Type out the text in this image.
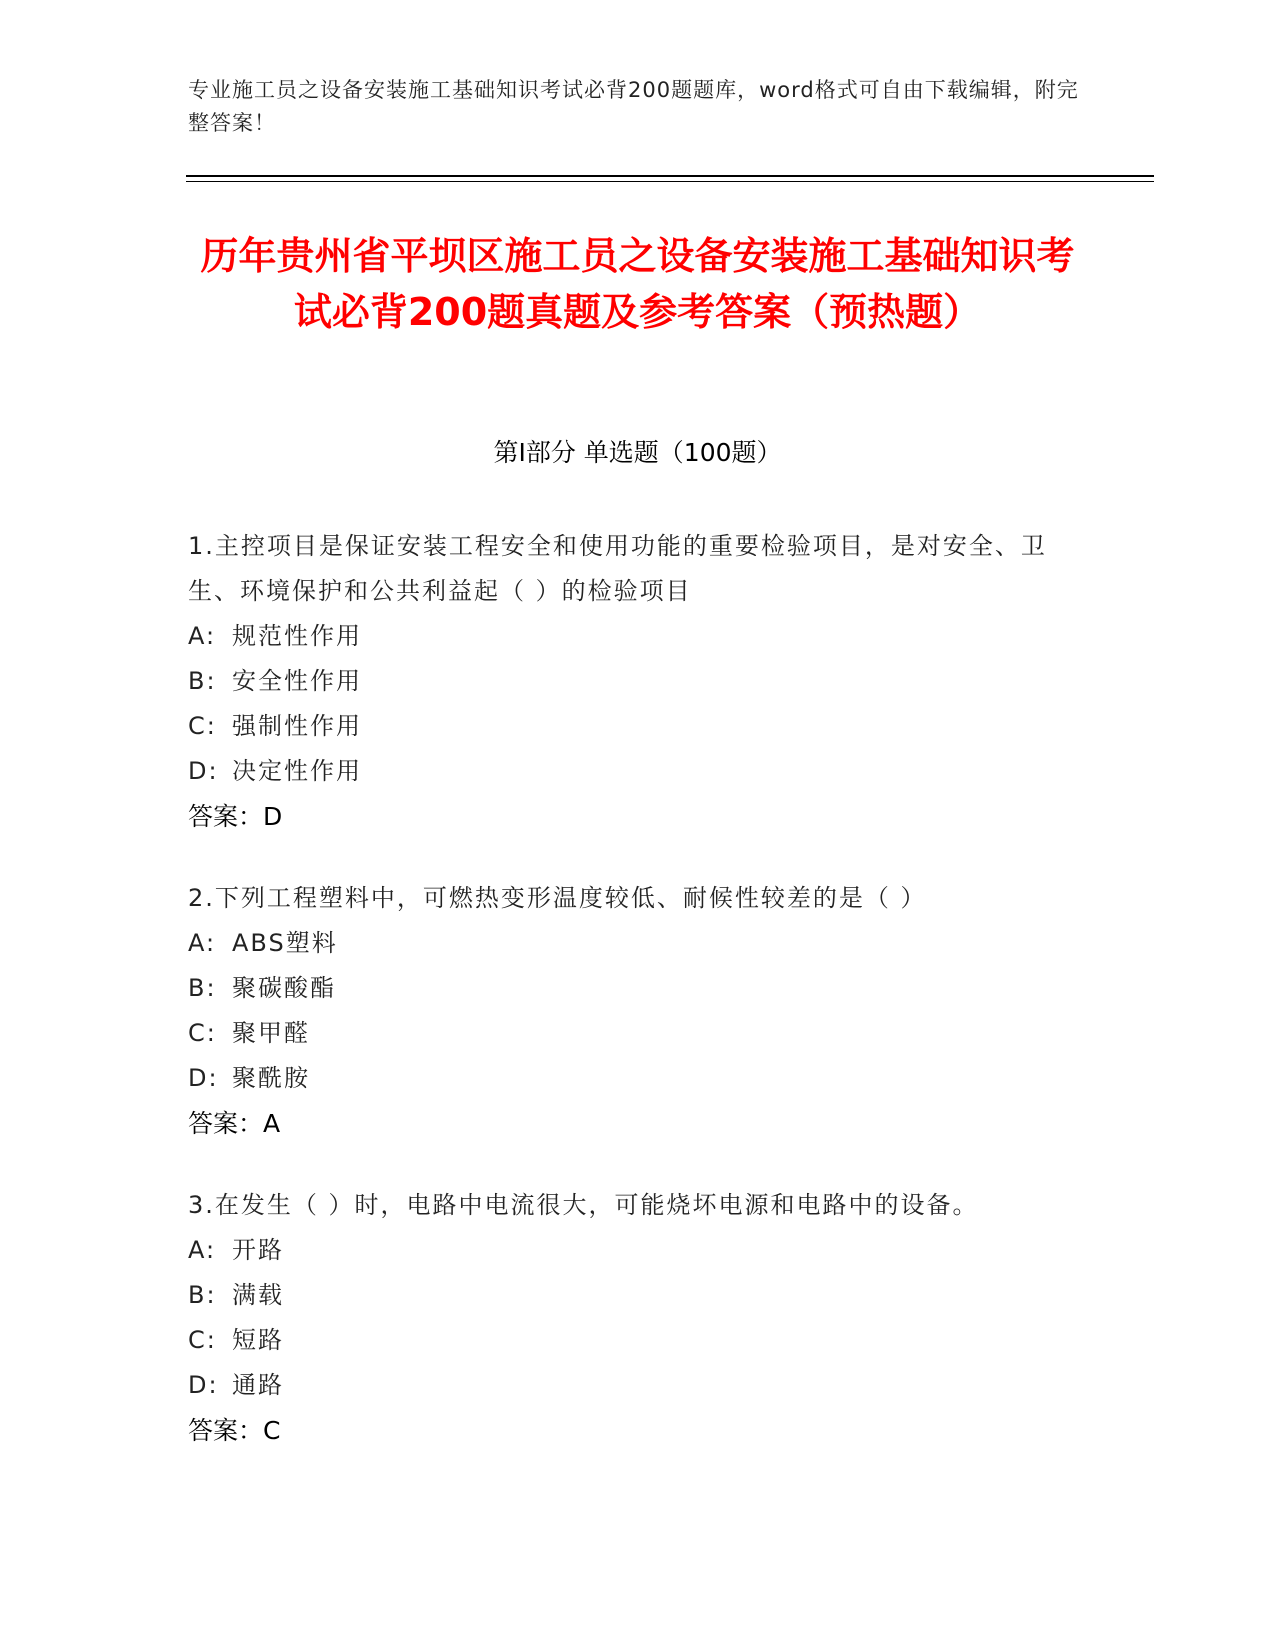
专业施工员之设备安装施工基础知识考试必背200题题库，word格式可自由下载编辑，附完整答案！
历年贵州省平坝区施工员之设备安装施工基础知识考试必背200题真题及参考答案（预热题）
第I部分 单选题（100题）
1.主控项目是保证安装工程安全和使用功能的重要检验项目，是对安全、卫生、环境保护和公共利益起（ ）的检验项目
A: 规范性作用
B: 安全性作用
C: 强制性作用
D: 决定性作用
答案：D
2.下列工程塑料中，可燃热变形温度较低、耐候性较差的是（ ）
A: ABS塑料
B: 聚碳酸酯
C: 聚甲醛
D: 聚酰胺
答案：A
3.在发生（ ）时，电路中电流很大，可能烧坏电源和电路中的设备。
A: 开路
B: 满载
C: 短路
D: 通路
答案：C
